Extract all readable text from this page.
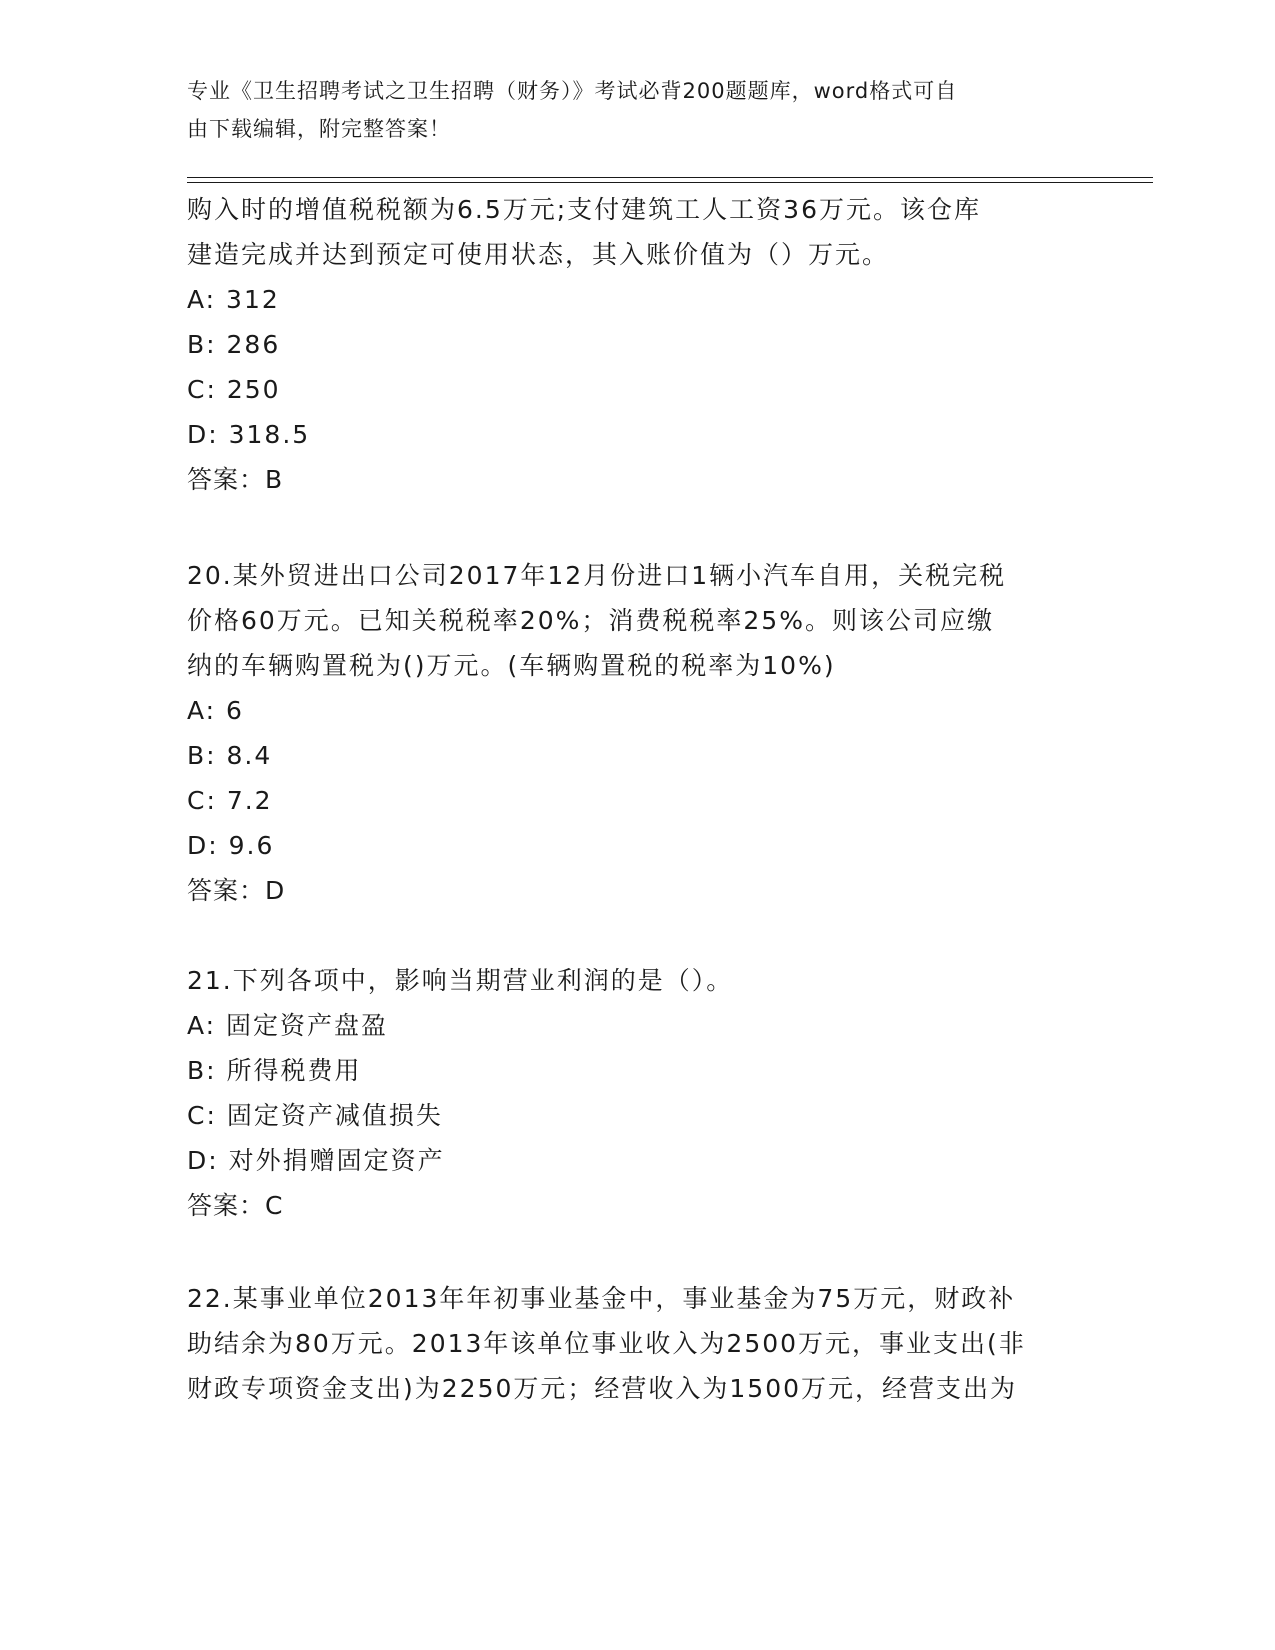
专业《卫生招聘考试之卫生招聘（财务）》考试必背200题题库，word格式可自
由下载编辑，附完整答案！
购入时的增值税税额为6.5万元;支付建筑工人工资36万元。该仓库
建造完成并达到预定可使用状态，其入账价值为（）万元。
A: 312
B: 286
C: 250
D: 318.5
答案：B
20.某外贸进出口公司2017年12月份进口1辆小汽车自用，关税完税
价格60万元。已知关税税率20%；消费税税率25%。则该公司应缴
纳的车辆购置税为()万元。(车辆购置税的税率为10%)
A: 6
B: 8.4
C: 7.2
D: 9.6
答案：D
21.下列各项中，影响当期营业利润的是（）。
A: 固定资产盘盈
B: 所得税费用
C: 固定资产减值损失
D: 对外捐赠固定资产
答案：C
22.某事业单位2013年年初事业基金中，事业基金为75万元，财政补
助结余为80万元。2013年该单位事业收入为2500万元，事业支出(非
财政专项资金支出)为2250万元；经营收入为1500万元，经营支出为
